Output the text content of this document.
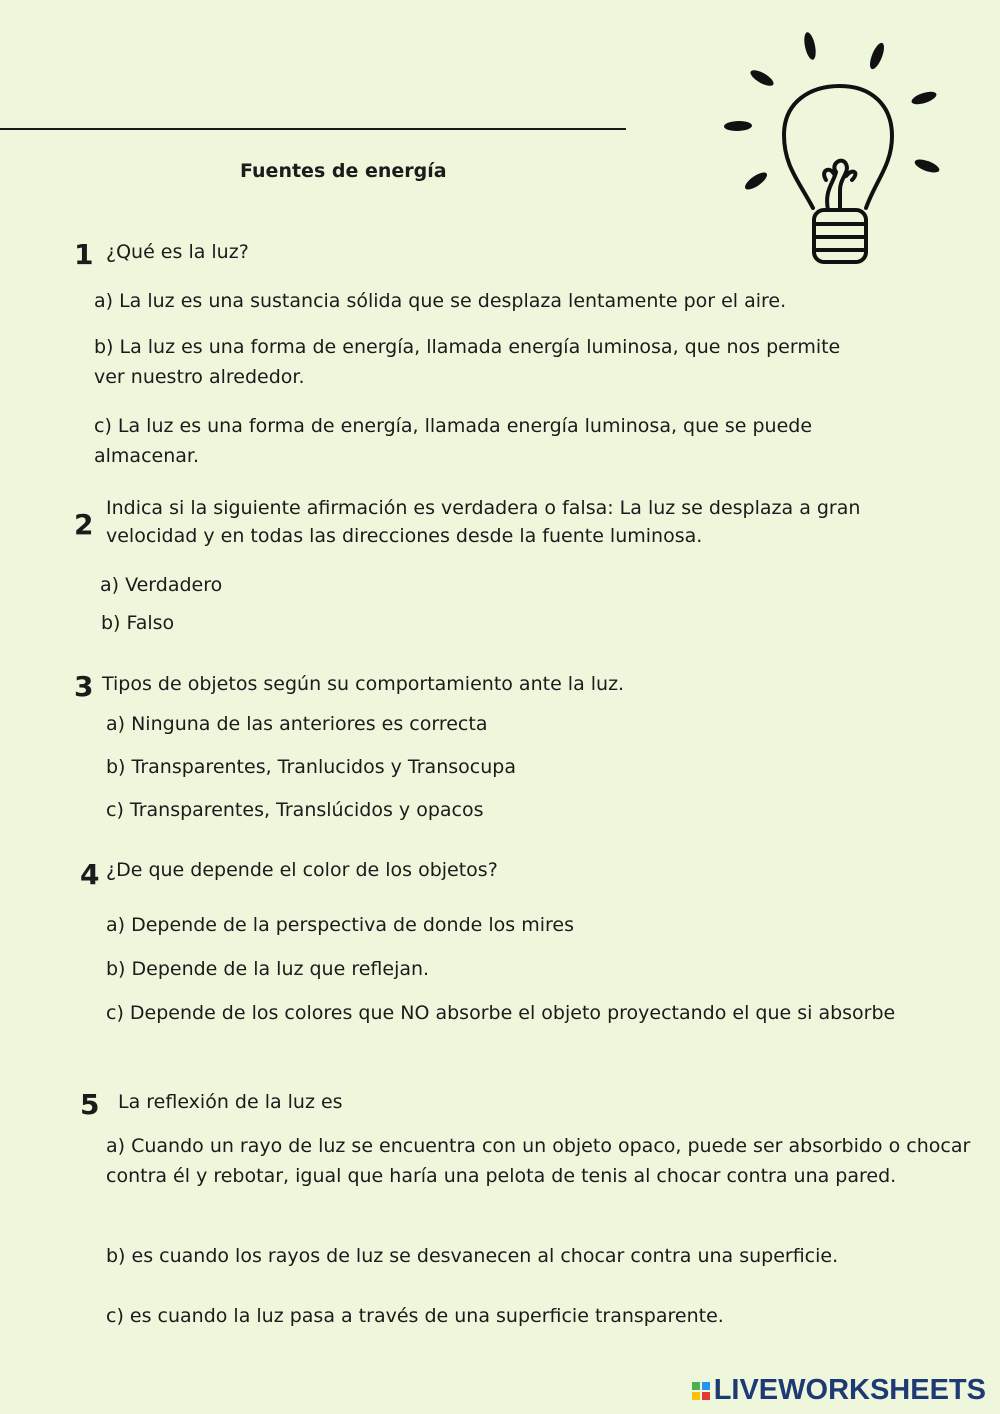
Fuentes de energía
1 ¿Qué es la luz?
a) La luz es una sustancia sólida que se desplaza lentamente por el aire.
b) La luz es una forma de energía, llamada energía luminosa, que nos permite ver nuestro alrededor.
c) La luz es una forma de energía, llamada energía luminosa, que se puede almacenar.
2 Indica si la siguiente afirmación es verdadera o falsa: La luz se desplaza a gran velocidad y en todas las direcciones desde la fuente luminosa.
a) Verdadero
b) Falso
3 Tipos de objetos según su comportamiento ante la luz.
a) Ninguna de las anteriores es correcta
b) Transparentes, Tranlucidos y Transocupa
c) Transparentes, Translúcidos y opacos
4 ¿De que depende el color de los objetos?
a) Depende de la perspectiva de donde los mires
b) Depende de la luz que reflejan.
c) Depende de los colores que NO absorbe el objeto proyectando el que si absorbe
5 La reflexión de la luz es
a) Cuando un rayo de luz se encuentra con un objeto opaco, puede ser absorbido o chocar contra él y rebotar, igual que haría una pelota de tenis al chocar contra una pared.
b) es cuando los rayos de luz se desvanecen al chocar contra una superficie.
c) es cuando la luz pasa a través de una superficie transparente.
LIVEWORKSHEETS
